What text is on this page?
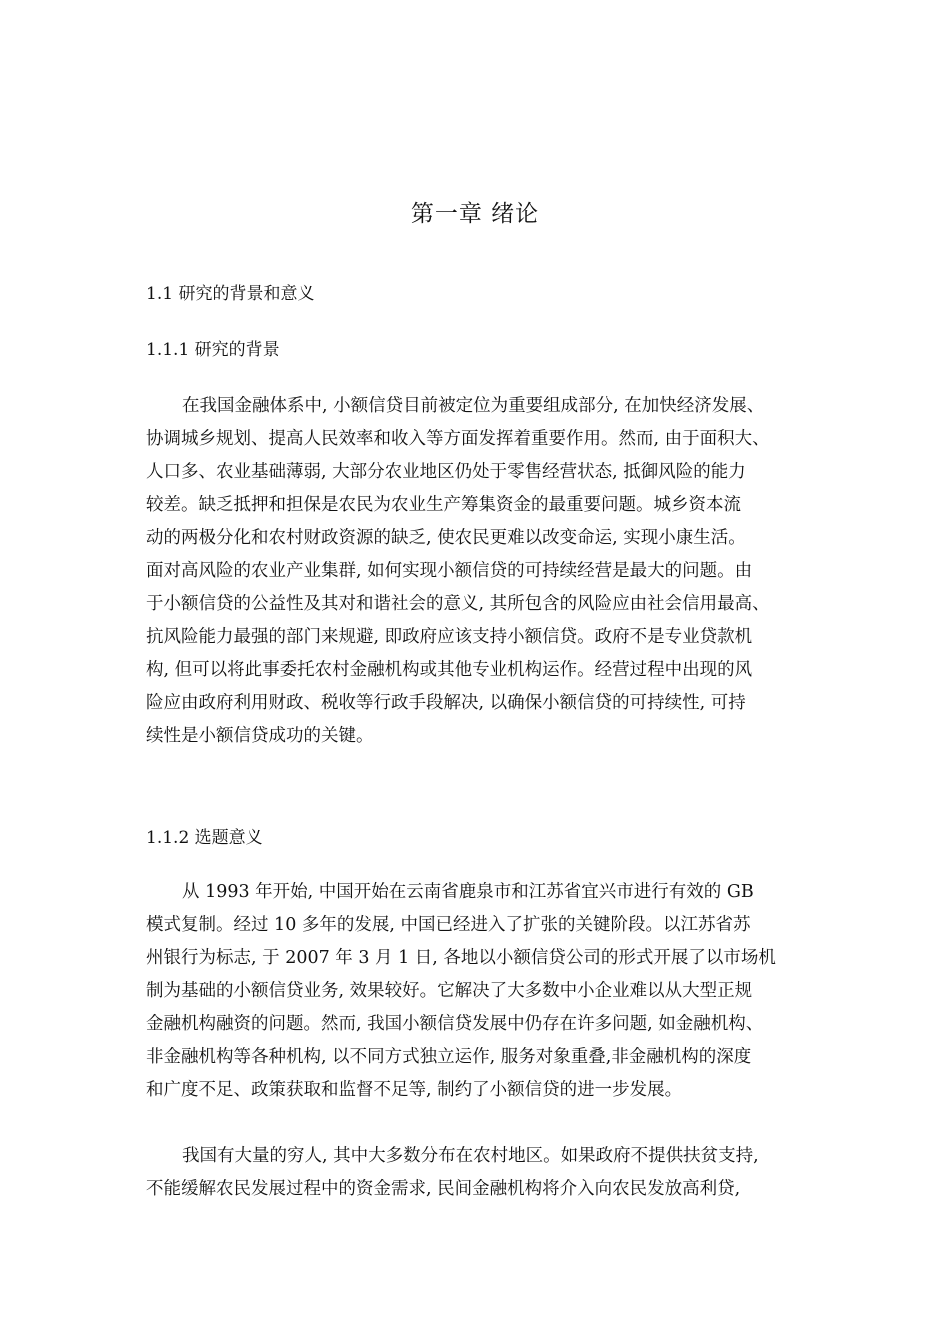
第一章 绪论
1.1 研究的背景和意义
1.1.1 研究的背景
在我国金融体系中, 小额信贷目前被定位为重要组成部分, 在加快经济发展、
协调城乡规划、提高人民效率和收入等方面发挥着重要作用。然而, 由于面积大、
人口多、农业基础薄弱, 大部分农业地区仍处于零售经营状态, 抵御风险的能力
较差。缺乏抵押和担保是农民为农业生产筹集资金的最重要问题。城乡资本流
动的两极分化和农村财政资源的缺乏, 使农民更难以改变命运, 实现小康生活。
面对高风险的农业产业集群, 如何实现小额信贷的可持续经营是最大的问题。由
于小额信贷的公益性及其对和谐社会的意义, 其所包含的风险应由社会信用最高、
抗风险能力最强的部门来规避, 即政府应该支持小额信贷。政府不是专业贷款机
构, 但可以将此事委托农村金融机构或其他专业机构运作。经营过程中出现的风
险应由政府利用财政、税收等行政手段解决, 以确保小额信贷的可持续性, 可持
续性是小额信贷成功的关键。
1.1.2 选题意义
从 1993 年开始, 中国开始在云南省鹿泉市和江苏省宜兴市进行有效的 GB
模式复制。经过 10 多年的发展, 中国已经进入了扩张的关键阶段。以江苏省苏
州银行为标志, 于 2007 年 3 月 1 日, 各地以小额信贷公司的形式开展了以市场机
制为基础的小额信贷业务, 效果较好。它解决了大多数中小企业难以从大型正规
金融机构融资的问题。然而, 我国小额信贷发展中仍存在许多问题, 如金融机构、
非金融机构等各种机构, 以不同方式独立运作, 服务对象重叠,非金融机构的深度
和广度不足、政策获取和监督不足等, 制约了小额信贷的进一步发展。
我国有大量的穷人, 其中大多数分布在农村地区。如果政府不提供扶贫支持,
不能缓解农民发展过程中的资金需求, 民间金融机构将介入向农民发放高利贷,
